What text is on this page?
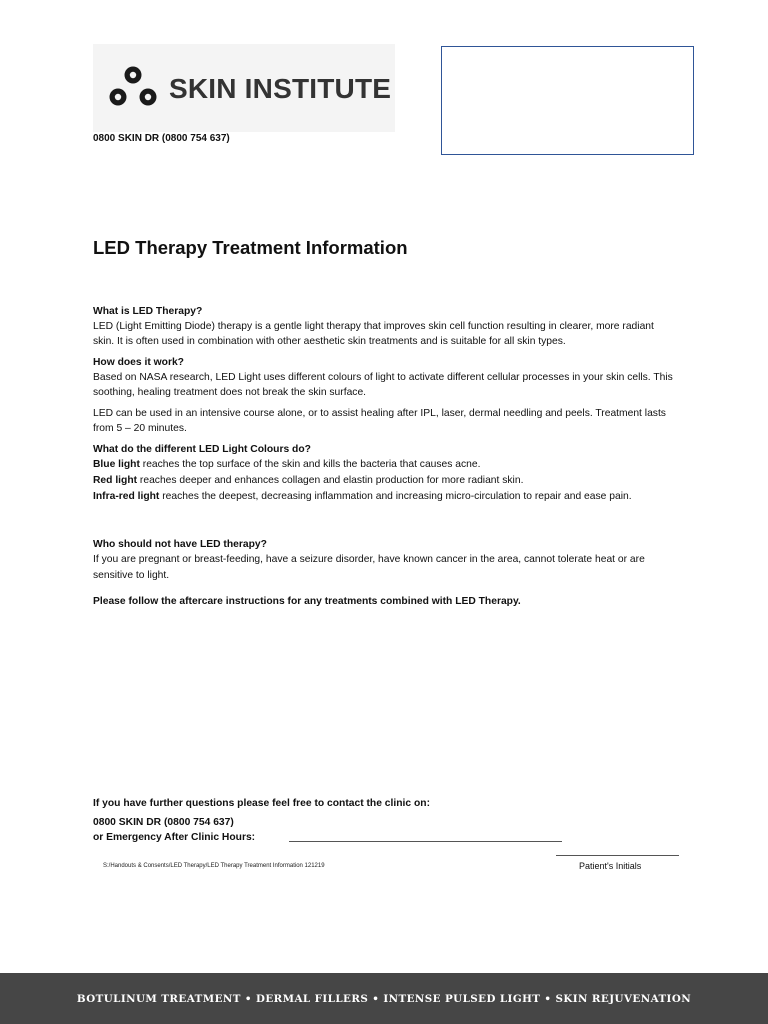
SKIN INSTITUTE
0800 SKIN DR (0800 754 637)
LED Therapy Treatment Information

What is LED Therapy?

LED (Light Emitting Diode) therapy is a gentle light therapy that improves skin cell function resulting in clearer, more radiant skin. It is often used in combination with other aesthetic skin treatments and is suitable for all skin types.

How does it work?

Based on NASA research, LED Light uses different colours of light to activate different cellular processes in your skin cells. This soothing, healing treatment does not break the skin surface.

LED can be used in an intensive course alone, or to assist healing after IPL, laser, dermal needling and peels. Treatment lasts from 5 – 20 minutes.

What do the different LED Light Colours do?

Blue light reaches the top surface of the skin and kills the bacteria that causes acne.

Red light reaches deeper and enhances collagen and elastin production for more radiant skin.

Infra-red light reaches the deepest, decreasing inflammation and increasing micro-circulation to repair and ease pain.

Who should not have LED therapy?

If you are pregnant or breast-feeding, have a seizure disorder, have known cancer in the area, cannot tolerate heat or are sensitive to light.

Please follow the aftercare instructions for any treatments combined with LED Therapy.

If you have further questions please feel free to contact the clinic on:
0800 SKIN DR (0800 754 637)
or Emergency After Clinic Hours:
S:/Handouts & Consents/LED Therapy/LED Therapy Treatment Information 121219	Patient's Initials
BOTULINUM TREATMENT • DERMAL FILLERS • INTENSE PULSED LIGHT • SKIN REJUVENATION
